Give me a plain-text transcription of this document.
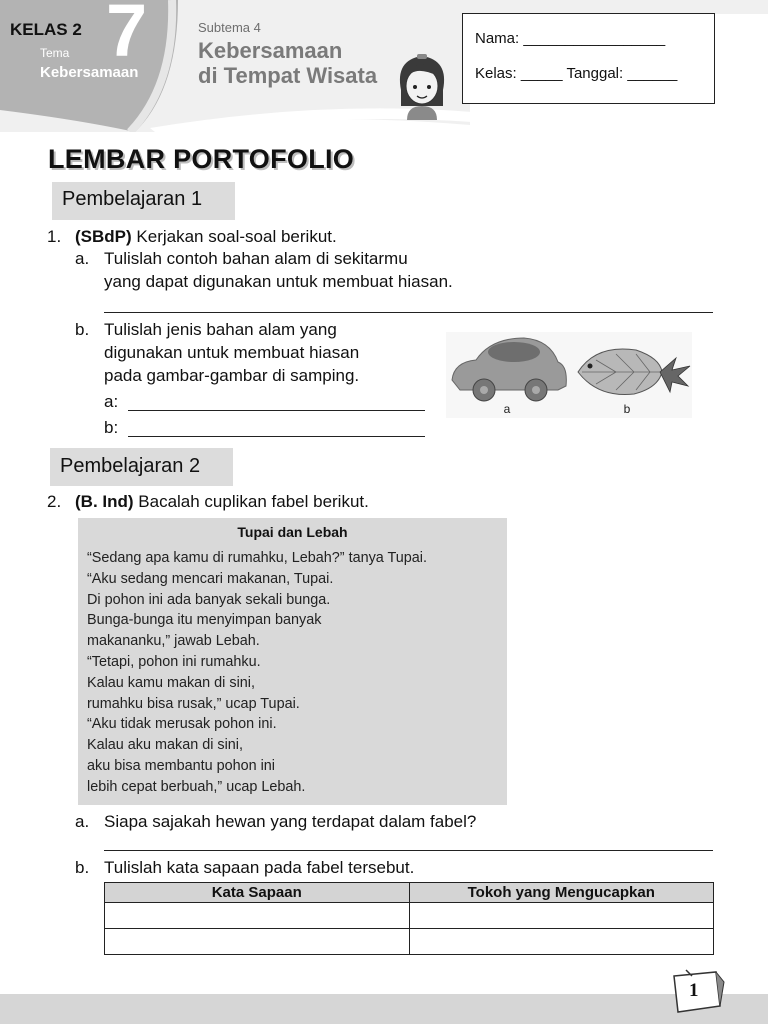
KELAS 2 7
Tema
Kebersamaan
Subtema 4
Kebersamaan
di Tempat Wisata
Nama: _________________
Kelas: _____ Tanggal: ______
LEMBAR PORTOFOLIO
Pembelajaran 1
1. (SBdP) Kerjakan soal-soal berikut.
a. Tulislah contoh bahan alam di sekitarmu
yang dapat digunakan untuk membuat hiasan.
b. Tulislah jenis bahan alam yang
digunakan untuk membuat hiasan
pada gambar-gambar di samping.
a:
b:
a	b
Pembelajaran 2
2. (B. Ind) Bacalah cuplikan fabel berikut.
Tupai dan Lebah
“Sedang apa kamu di rumahku, Lebah?” tanya Tupai.
“Aku sedang mencari makanan, Tupai.
Di pohon ini ada banyak sekali bunga.
Bunga-bunga itu menyimpan banyak
makananku,” jawab Lebah.
“Tetapi, pohon ini rumahku.
Kalau kamu makan di sini,
rumahku bisa rusak,” ucap Tupai.
“Aku tidak merusak pohon ini.
Kalau aku makan di sini,
aku bisa membantu pohon ini
lebih cepat berbuah,” ucap Lebah.
a. Siapa sajakah hewan yang terdapat dalam fabel?
b. Tulislah kata sapaan pada fabel tersebut.
Kata Sapaan	Tokoh yang Mengucapkan

1
